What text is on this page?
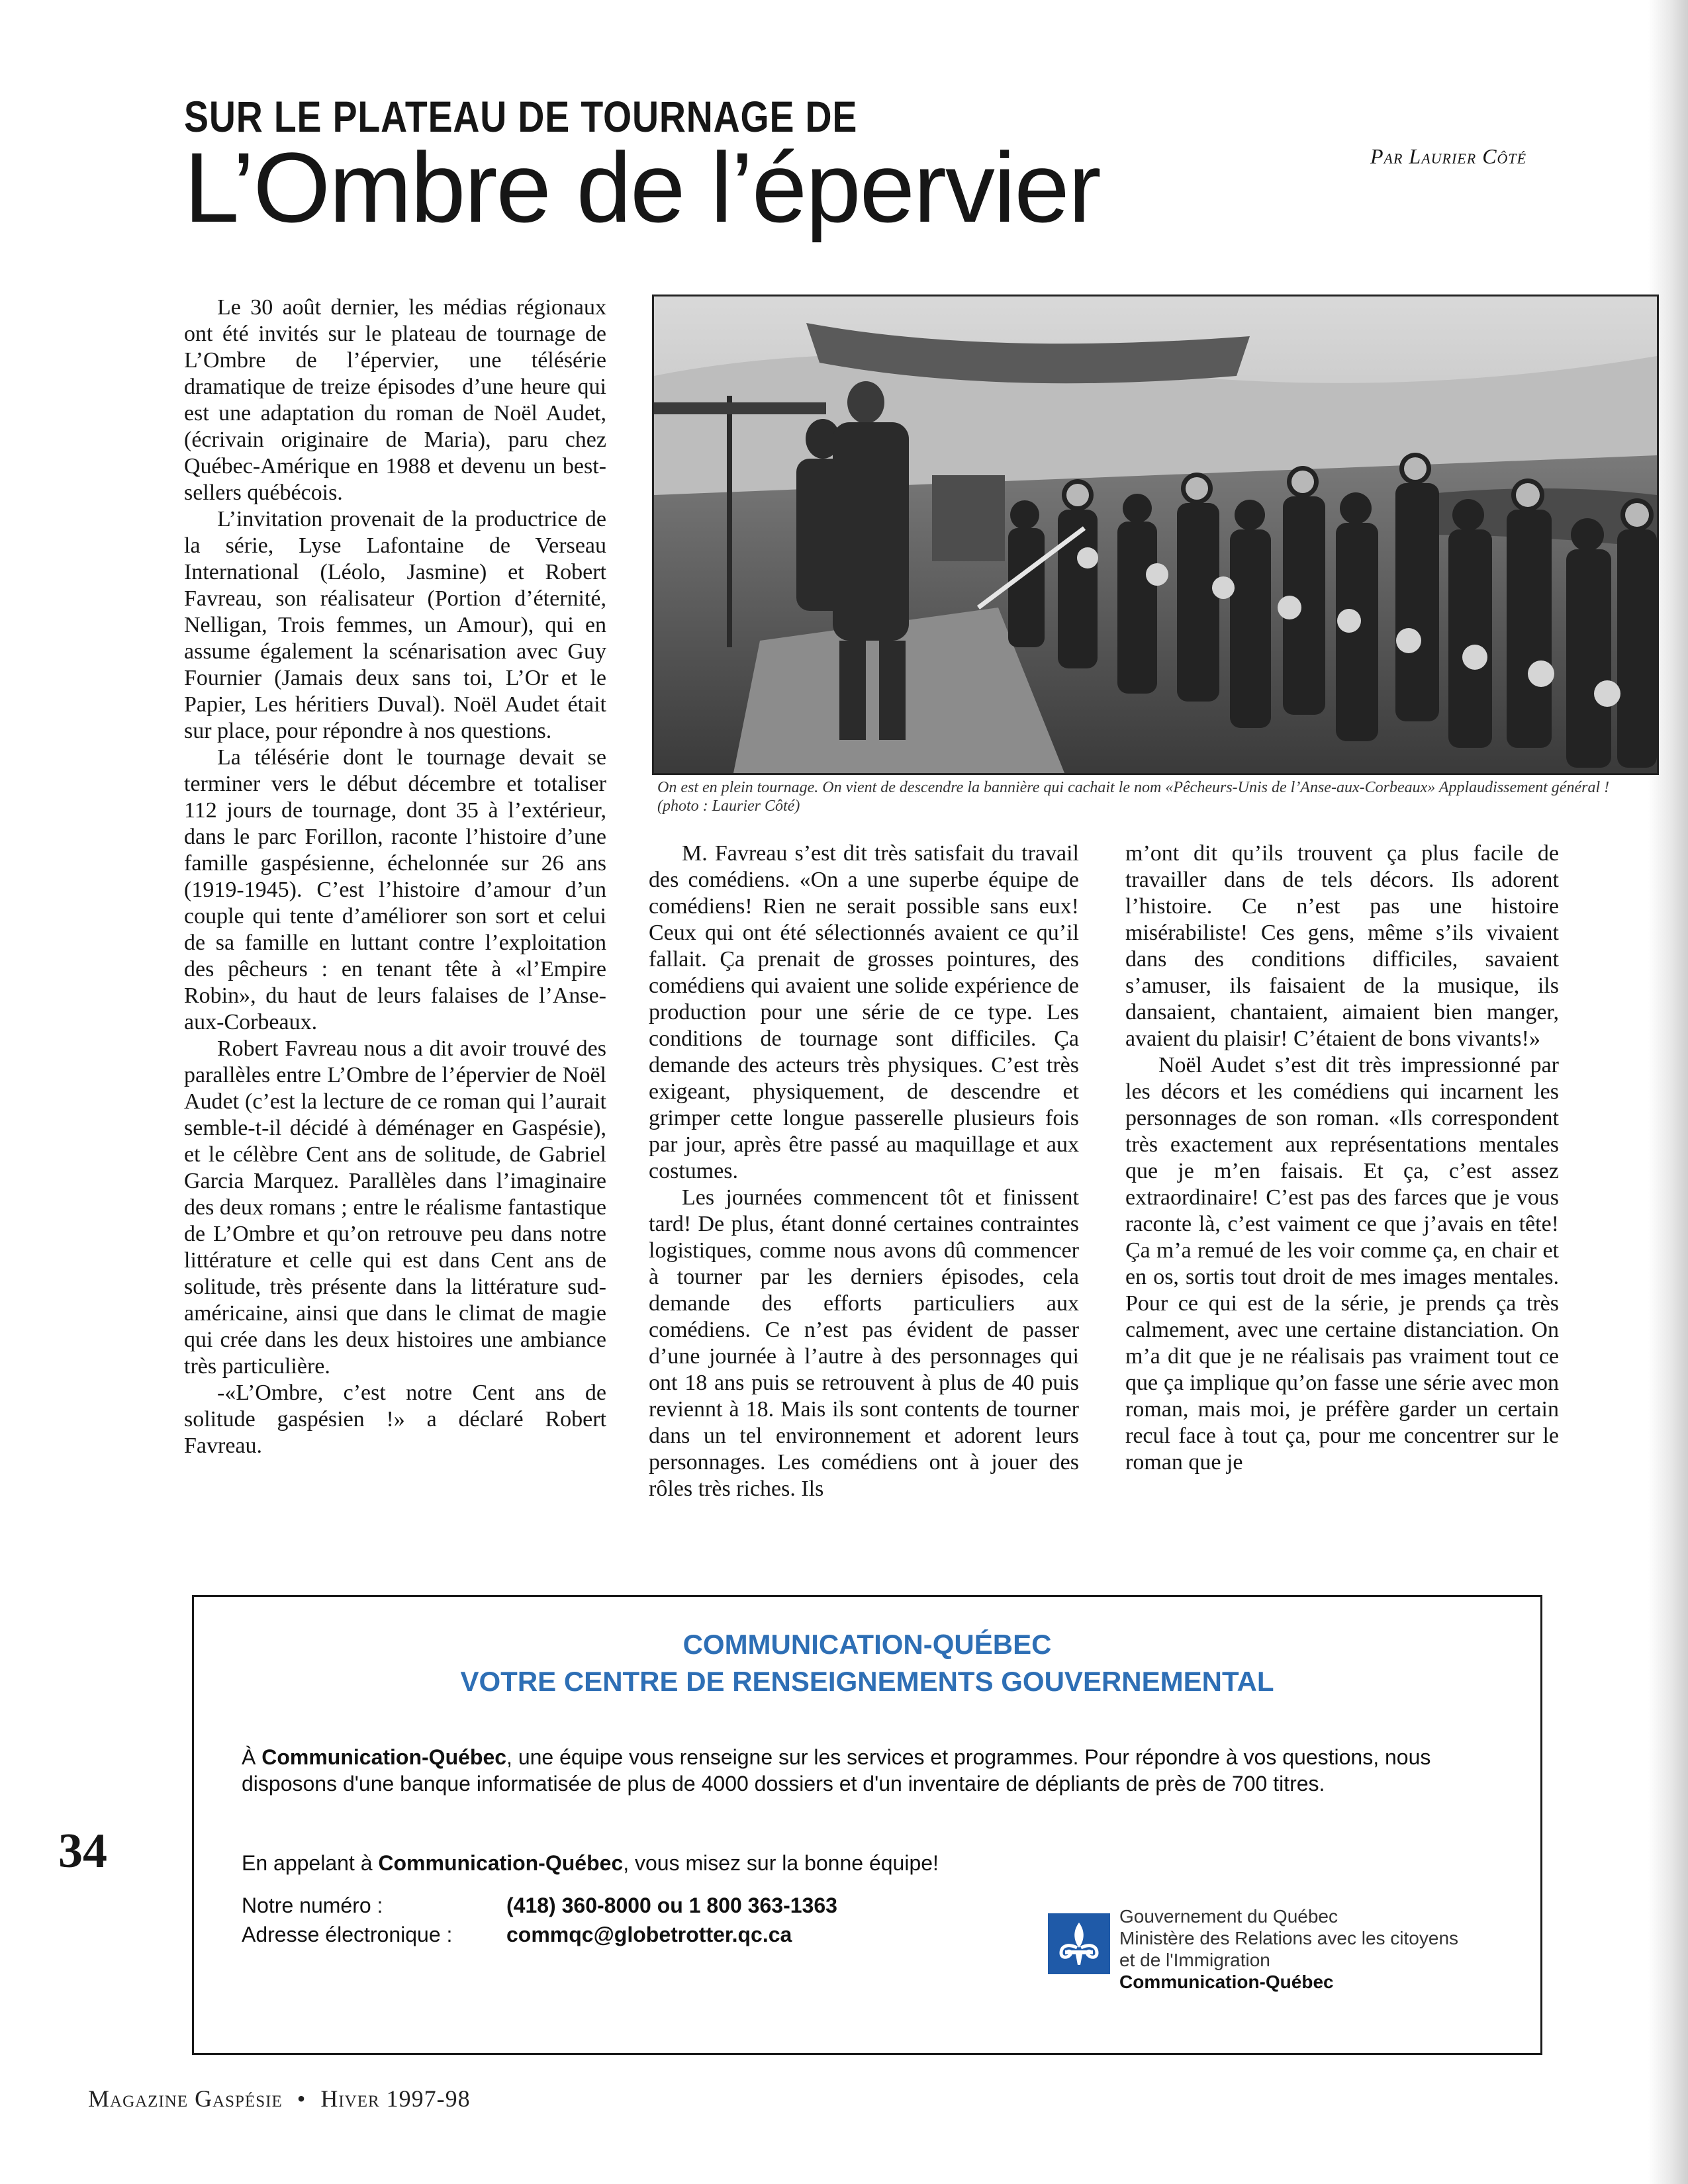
SUR LE PLATEAU DE TOURNAGE DE
L’Ombre de l’épervier	Par Laurier Côté

Le 30 août dernier, les médias régionaux ont été invités sur le plateau de tournage de L’Ombre de l’épervier, une télésérie dramatique de treize épisodes d’une heure qui est une adaptation du roman de Noël Audet, (écrivain originaire de Maria), paru chez Québec-Amérique en 1988 et devenu un best-sellers québécois.

L’invitation provenait de la productrice de la série, Lyse Lafontaine de Verseau International (Léolo, Jasmine) et Robert Favreau, son réalisateur (Portion d’éternité, Nelligan, Trois femmes, un Amour), qui en assume également la scénarisation avec Guy Fournier (Jamais deux sans toi, L’Or et le Papier, Les héritiers Duval). Noël Audet était sur place, pour répondre à nos questions.

La télésérie dont le tournage devait se terminer vers le début décembre et totaliser 112 jours de tournage, dont 35 à l’extérieur, dans le parc Forillon, raconte l’histoire d’une famille gaspésienne, échelonnée sur 26 ans (1919-1945). C’est l’histoire d’amour d’un couple qui tente d’améliorer son sort et celui de sa famille en luttant contre l’exploitation des pêcheurs : en tenant tête à «l’Empire Robin», du haut de leurs falaises de l’Anse-aux-Corbeaux.

Robert Favreau nous a dit avoir trouvé des parallèles entre L’Ombre de l’épervier de Noël Audet (c’est la lecture de ce roman qui l’aurait semble-t-il décidé à déménager en Gaspésie), et le célèbre Cent ans de solitude, de Gabriel Garcia Marquez. Parallèles dans l’imaginaire des deux romans ; entre le réalisme fantastique de L’Ombre et qu’on retrouve peu dans notre littérature et celle qui est dans Cent ans de solitude, très présente dans la littérature sud-américaine, ainsi que dans le climat de magie qui crée dans les deux histoires une ambiance très particulière.

-«L’Ombre, c’est notre Cent ans de solitude gaspésien !» a déclaré Robert Favreau.

On est en plein tournage. On vient de descendre la bannière qui cachait le nom «Pêcheurs-Unis de l’Anse-aux-Corbeaux» Applaudissement général ! (photo : Laurier Côté)

M. Favreau s’est dit très satisfait du travail des comédiens. «On a une superbe équipe de comédiens! Rien ne serait possible sans eux! Ceux qui ont été sélectionnés avaient ce qu’il fallait. Ça prenait de grosses pointures, des comédiens qui avaient une solide expérience de production pour une série de ce type. Les conditions de tournage sont difficiles. Ça demande des acteurs très physiques. C’est très exigeant, physiquement, de descendre et grimper cette longue passerelle plusieurs fois par jour, après être passé au maquillage et aux costumes.

Les journées commencent tôt et finissent tard! De plus, étant donné certaines contraintes logistiques, comme nous avons dû commencer à tourner par les derniers épisodes, cela demande des efforts particuliers aux comédiens. Ce n’est pas évident de passer d’une journée à l’autre à des personnages qui ont 18 ans puis se retrouvent à plus de 40 puis reviennt à 18. Mais ils sont contents de tourner dans un tel environnement et adorent leurs personnages. Les comédiens ont à jouer des rôles très riches. Ils

m’ont dit qu’ils trouvent ça plus facile de travailler dans de tels décors. Ils adorent l’histoire. Ce n’est pas une histoire misérabiliste! Ces gens, même s’ils vivaient dans des conditions difficiles, savaient s’amuser, ils faisaient de la musique, ils dansaient, chantaient, aimaient bien manger, avaient du plaisir! C’étaient de bons vivants!»

Noël Audet s’est dit très impressionné par les décors et les comédiens qui incarnent les personnages de son roman. «Ils correspondent très exactement aux représentations mentales que je m’en faisais. Et ça, c’est assez extraordinaire! C’est pas des farces que je vous raconte là, c’est vaiment ce que j’avais en tête! Ça m’a remué de les voir comme ça, en chair et en os, sortis tout droit de mes images mentales. Pour ce qui est de la série, je prends ça très calmement, avec une certaine distanciation. On m’a dit que je ne réalisais pas vraiment tout ce que ça implique qu’on fasse une série avec mon roman, mais moi, je préfère garder un certain recul face à tout ça, pour me concentrer sur le roman que je

COMMUNICATION-QUÉBEC
VOTRE CENTRE DE RENSEIGNEMENTS GOUVERNEMENTAL
À Communication-Québec, une équipe vous renseigne sur les services et programmes. Pour répondre à vos questions, nous disposons d'une banque informatisée de plus de 4000 dossiers et d'un inventaire de dépliants de près de 700 titres.
En appelant à Communication-Québec, vous misez sur la bonne équipe!
Notre numéro :	(418) 360-8000 ou 1 800 363-1363
Adresse électronique :	commqc@globetrotter.qc.ca
Gouvernement du Québec
Ministère des Relations avec les citoyens
et de l'Immigration
Communication-Québec
34
Magazine Gaspésie • Hiver 1997-98
